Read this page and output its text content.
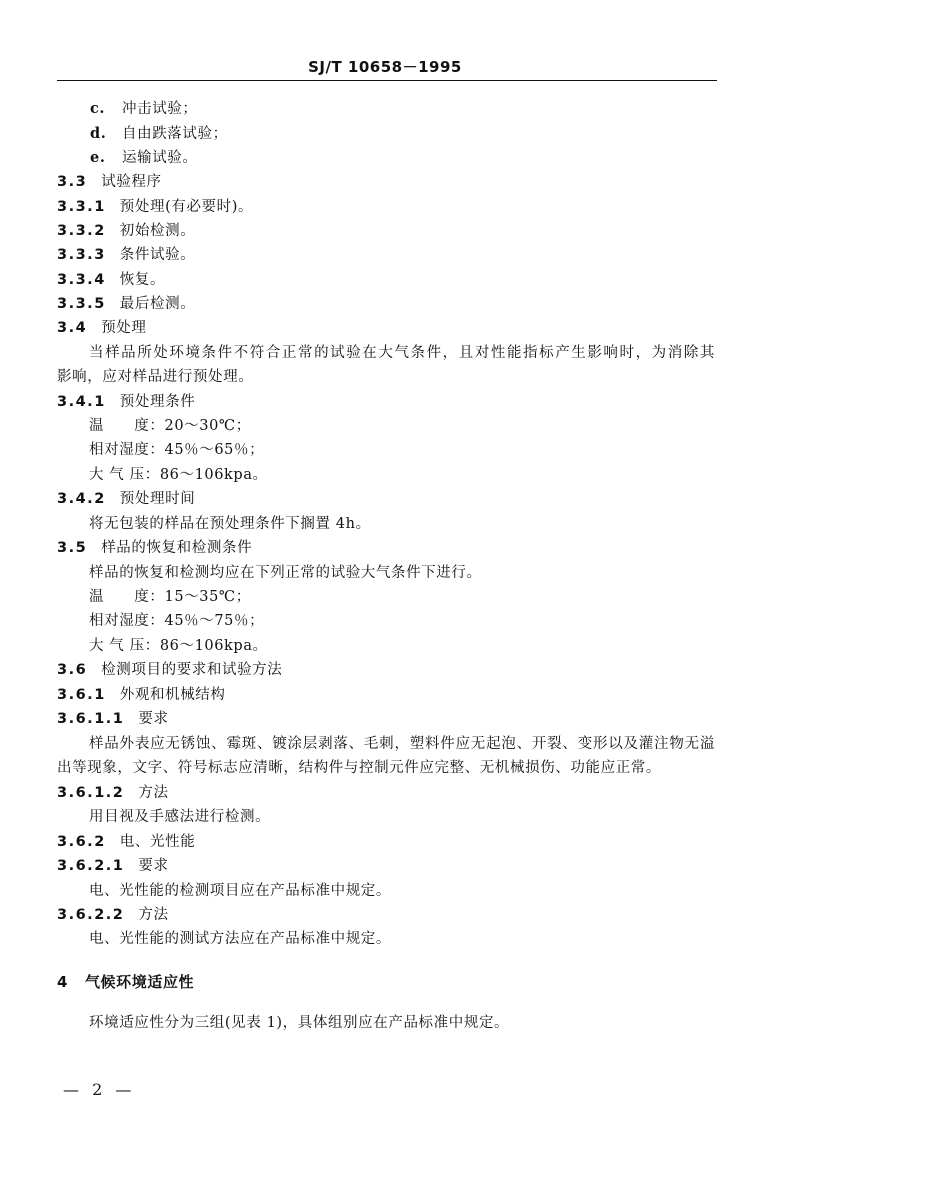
SJ/T 10658－1995
c. 冲击试验；
d. 自由跌落试验；
e. 运输试验。
3.3 试验程序
3.3.1 预处理(有必要时)。
3.3.2 初始检测。
3.3.3 条件试验。
3.3.4 恢复。
3.3.5 最后检测。
3.4 预处理
当样品所处环境条件不符合正常的试验在大气条件，且对性能指标产生影响时，为消除其
影响，应对样品进行预处理。
3.4.1 预处理条件
温　　度：20～30℃；
相对湿度：45％～65％；
大 气 压：86～106kpa。
3.4.2 预处理时间
将无包装的样品在预处理条件下搁置 4h。
3.5 样品的恢复和检测条件
样品的恢复和检测均应在下列正常的试验大气条件下进行。
温　　度：15～35℃；
相对湿度：45％～75％；
大 气 压：86～106kpa。
3.6 检测项目的要求和试验方法
3.6.1 外观和机械结构
3.6.1.1 要求
样品外表应无锈蚀、霉斑、镀涂层剥落、毛刺，塑料件应无起泡、开裂、变形以及灌注物无溢
出等现象，文字、符号标志应清晰，结构件与控制元件应完整、无机械损伤、功能应正常。
3.6.1.2 方法
用目视及手感法进行检测。
3.6.2 电、光性能
3.6.2.1 要求
电、光性能的检测项目应在产品标准中规定。
3.6.2.2 方法
电、光性能的测试方法应在产品标准中规定。
4 气候环境适应性
环境适应性分为三组(见表 1)，具体组别应在产品标准中规定。
— 2 —
